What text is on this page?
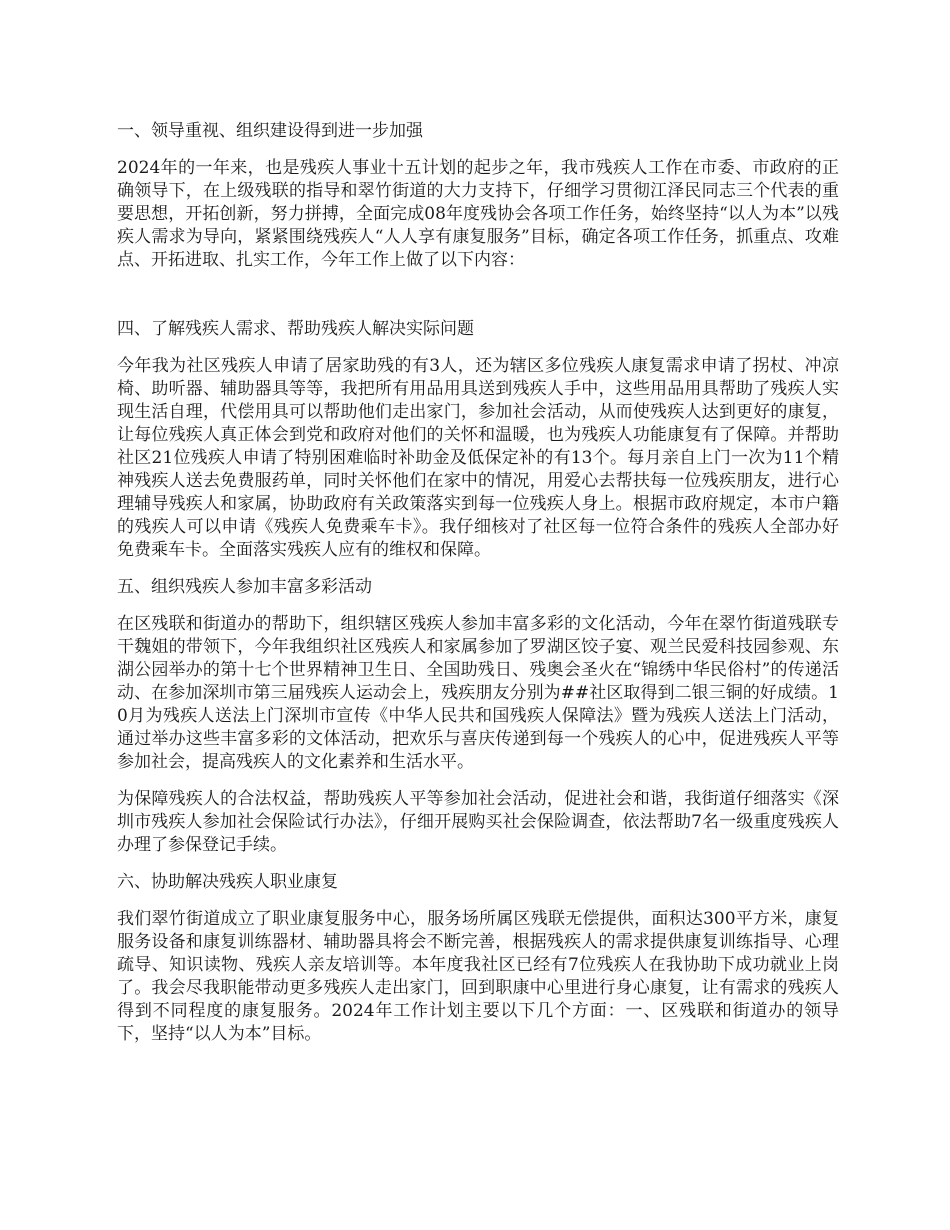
一、领导重视、组织建设得到进一步加强
2024年的一年来，也是残疾人事业十五计划的起步之年，我市残疾人工作在市委、市政府的正确领导下，在上级残联的指导和翠竹街道的大力支持下，仔细学习贯彻江泽民同志三个代表的重要思想，开拓创新，努力拼搏，全面完成08年度残协会各项工作任务，始终坚持“以人为本”以残疾人需求为导向，紧紧围绕残疾人“人人享有康复服务”目标，确定各项工作任务，抓重点、攻难点、开拓进取、扎实工作，今年工作上做了以下内容：
四、了解残疾人需求、帮助残疾人解决实际问题
今年我为社区残疾人申请了居家助残的有3人，还为辖区多位残疾人康复需求申请了拐杖、冲凉椅、助听器、辅助器具等等，我把所有用品用具送到残疾人手中，这些用品用具帮助了残疾人实现生活自理，代偿用具可以帮助他们走出家门，参加社会活动，从而使残疾人达到更好的康复，让每位残疾人真正体会到党和政府对他们的关怀和温暖，也为残疾人功能康复有了保障。并帮助社区21位残疾人申请了特别困难临时补助金及低保定补的有13个。每月亲自上门一次为11个精神残疾人送去免费服药单，同时关怀他们在家中的情况，用爱心去帮扶每一位残疾朋友，进行心理辅导残疾人和家属，协助政府有关政策落实到每一位残疾人身上。根据市政府规定，本市户籍的残疾人可以申请《残疾人免费乘车卡》。我仔细核对了社区每一位符合条件的残疾人全部办好免费乘车卡。全面落实残疾人应有的维权和保障。
五、组织残疾人参加丰富多彩活动
在区残联和街道办的帮助下，组织辖区残疾人参加丰富多彩的文化活动，今年在翠竹街道残联专干魏姐的带领下，今年我组织社区残疾人和家属参加了罗湖区饺子宴、观兰民爱科技园参观、东湖公园举办的第十七个世界精神卫生日、全国助残日、残奥会圣火在“锦绣中华民俗村”的传递活动、在参加深圳市第三届残疾人运动会上，残疾朋友分别为##社区取得到二银三铜的好成绩。10月为残疾人送法上门深圳市宣传《中华人民共和国残疾人保障法》暨为残疾人送法上门活动，通过举办这些丰富多彩的文体活动，把欢乐与喜庆传递到每一个残疾人的心中，促进残疾人平等参加社会，提高残疾人的文化素养和生活水平。
为保障残疾人的合法权益，帮助残疾人平等参加社会活动，促进社会和谐，我街道仔细落实《深圳市残疾人参加社会保险试行办法》，仔细开展购买社会保险调查，依法帮助7名一级重度残疾人办理了参保登记手续。
六、协助解决残疾人职业康复
我们翠竹街道成立了职业康复服务中心，服务场所属区残联无偿提供，面积达300平方米，康复服务设备和康复训练器材、辅助器具将会不断完善，根据残疾人的需求提供康复训练指导、心理疏导、知识读物、残疾人亲友培训等。本年度我社区已经有7位残疾人在我协助下成功就业上岗了。我会尽我职能带动更多残疾人走出家门，回到职康中心里进行身心康复，让有需求的残疾人得到不同程度的康复服务。2024年工作计划主要以下几个方面：一、区残联和街道办的领导下，坚持“以人为本”目标。
